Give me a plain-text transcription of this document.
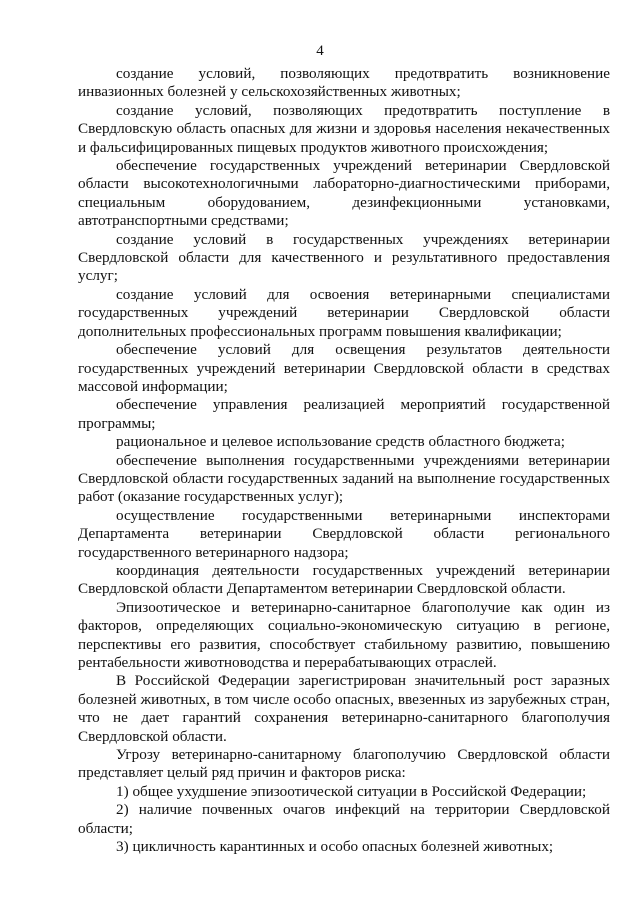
4

создание условий, позволяющих предотвратить возникновение инвазионных болезней у сельскохозяйственных животных;

создание условий, позволяющих предотвратить поступление в Свердловскую область опасных для жизни и здоровья населения некачественных и фальсифицированных пищевых продуктов животного происхождения;

обеспечение государственных учреждений ветеринарии Свердловской области высокотехнологичными лабораторно-диагностическими приборами, специальным оборудованием, дезинфекционными установками, автотранспортными средствами;

создание условий в государственных учреждениях ветеринарии Свердловской области для качественного и результативного предоставления услуг;

создание условий для освоения ветеринарными специалистами государственных учреждений ветеринарии Свердловской области дополнительных профессиональных программ повышения квалификации;

обеспечение условий для освещения результатов деятельности государственных учреждений ветеринарии Свердловской области в средствах массовой информации;

обеспечение управления реализацией мероприятий государственной программы;

рациональное и целевое использование средств областного бюджета;

обеспечение выполнения государственными учреждениями ветеринарии Свердловской области государственных заданий на выполнение государственных работ (оказание государственных услуг);

осуществление государственными ветеринарными инспекторами Департамента ветеринарии Свердловской области регионального государственного ветеринарного надзора;

координация деятельности государственных учреждений ветеринарии Свердловской области Департаментом ветеринарии Свердловской области.

Эпизоотическое и ветеринарно-санитарное благополучие как один из факторов, определяющих социально-экономическую ситуацию в регионе, перспективы его развития, способствует стабильному развитию, повышению рентабельности животноводства и перерабатывающих отраслей.

В Российской Федерации зарегистрирован значительный рост заразных болезней животных, в том числе особо опасных, ввезенных из зарубежных стран, что не дает гарантий сохранения ветеринарно-санитарного благополучия Свердловской области.

Угрозу ветеринарно-санитарному благополучию Свердловской области представляет целый ряд причин и факторов риска:

1) общее ухудшение эпизоотической ситуации в Российской Федерации;

2) наличие почвенных очагов инфекций на территории Свердловской области;

3) цикличность карантинных и особо опасных болезней животных;
